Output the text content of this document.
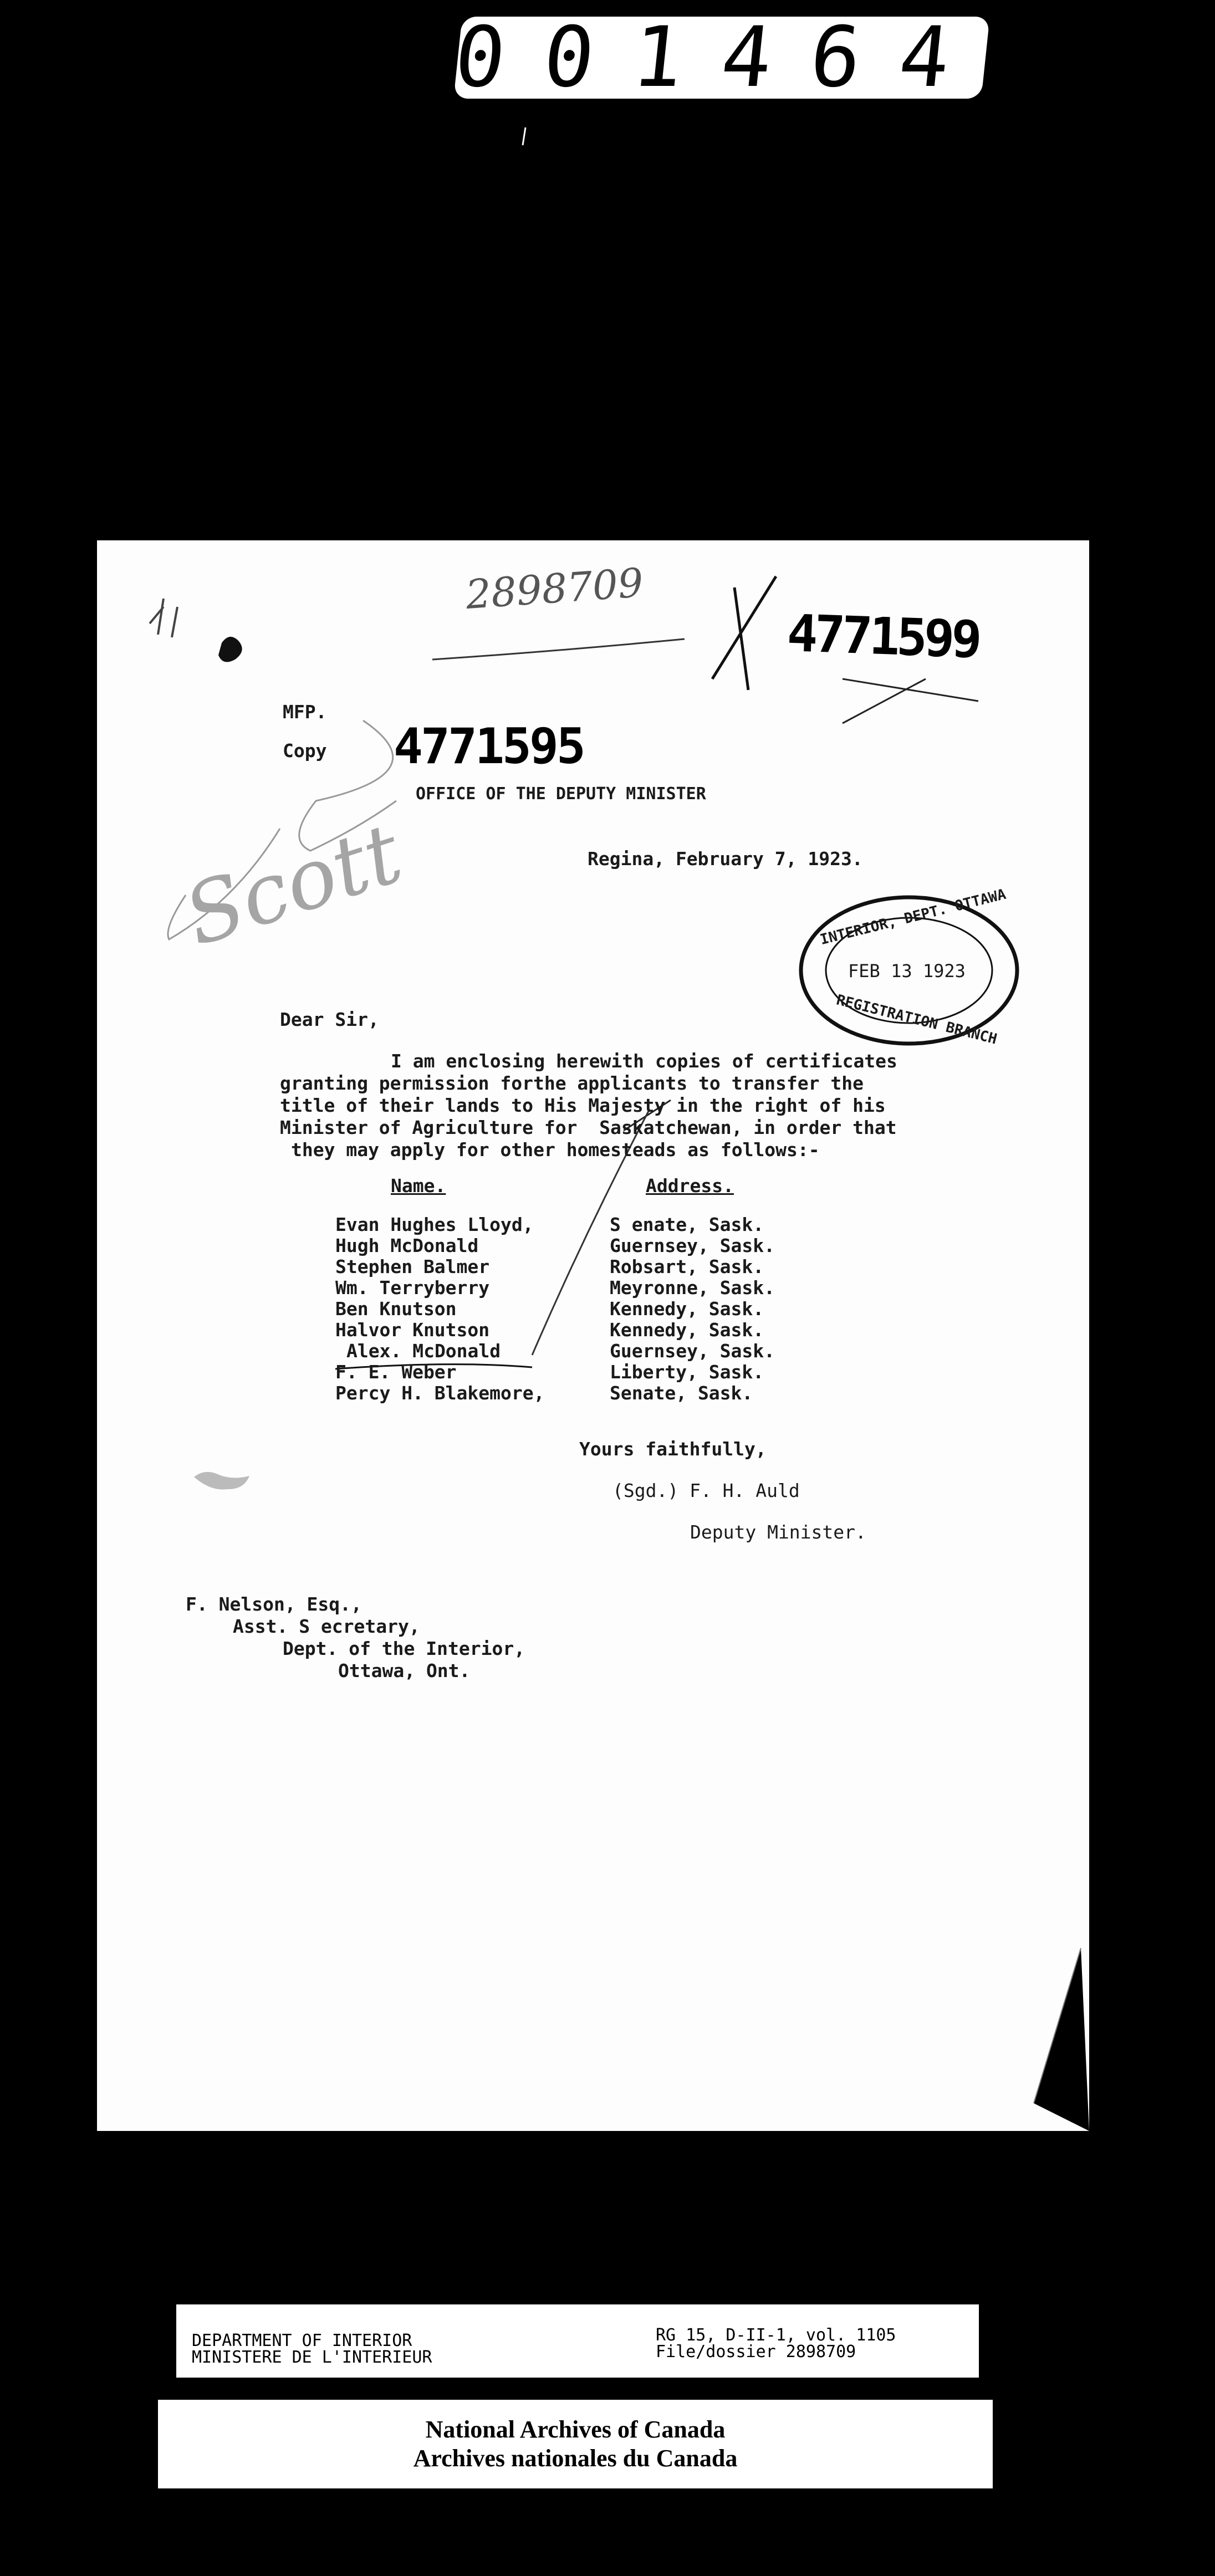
001464
2898709
4771599
MFP.
Copy 4771595
OFFICE OF THE DEPUTY MINISTER
Regina, February 7, 1923.
Scott	INTERIOR, DEPT. OTTAWA
FEB 13 1923
REGISTRATION BRANCH
Dear Sir,
I am enclosing herewith copies of certificates
granting permission forthe applicants to transfer the
title of their lands to His Majesty in the right of his
Minister of Agriculture for  Saskatchewan, in order that
they may apply for other homesteads as follows:-
Name.	Address.
Evan Hughes Lloyd,	S enate, Sask.
Hugh McDonald	Guernsey, Sask.
Stephen Balmer	Robsart, Sask.
Wm. Terryberry	Meyronne, Sask.
Ben Knutson	Kennedy, Sask.
Halvor Knutson	Kennedy, Sask.
Alex. McDonald	Guernsey, Sask.
F. E. Weber	Liberty, Sask.
Percy H. Blakemore,	Senate, Sask.
Yours faithfully,
(Sgd.) F. H. Auld
Deputy Minister.
F. Nelson, Esq.,
Asst. S ecretary,
Dept. of the Interior,
Ottawa, Ont.
DEPARTMENT OF INTERIOR
MINISTERE DE L'INTERIEUR
RG 15, D-II-1, vol. 1105
File/dossier 2898709
National Archives of Canada
Archives nationales du Canada
